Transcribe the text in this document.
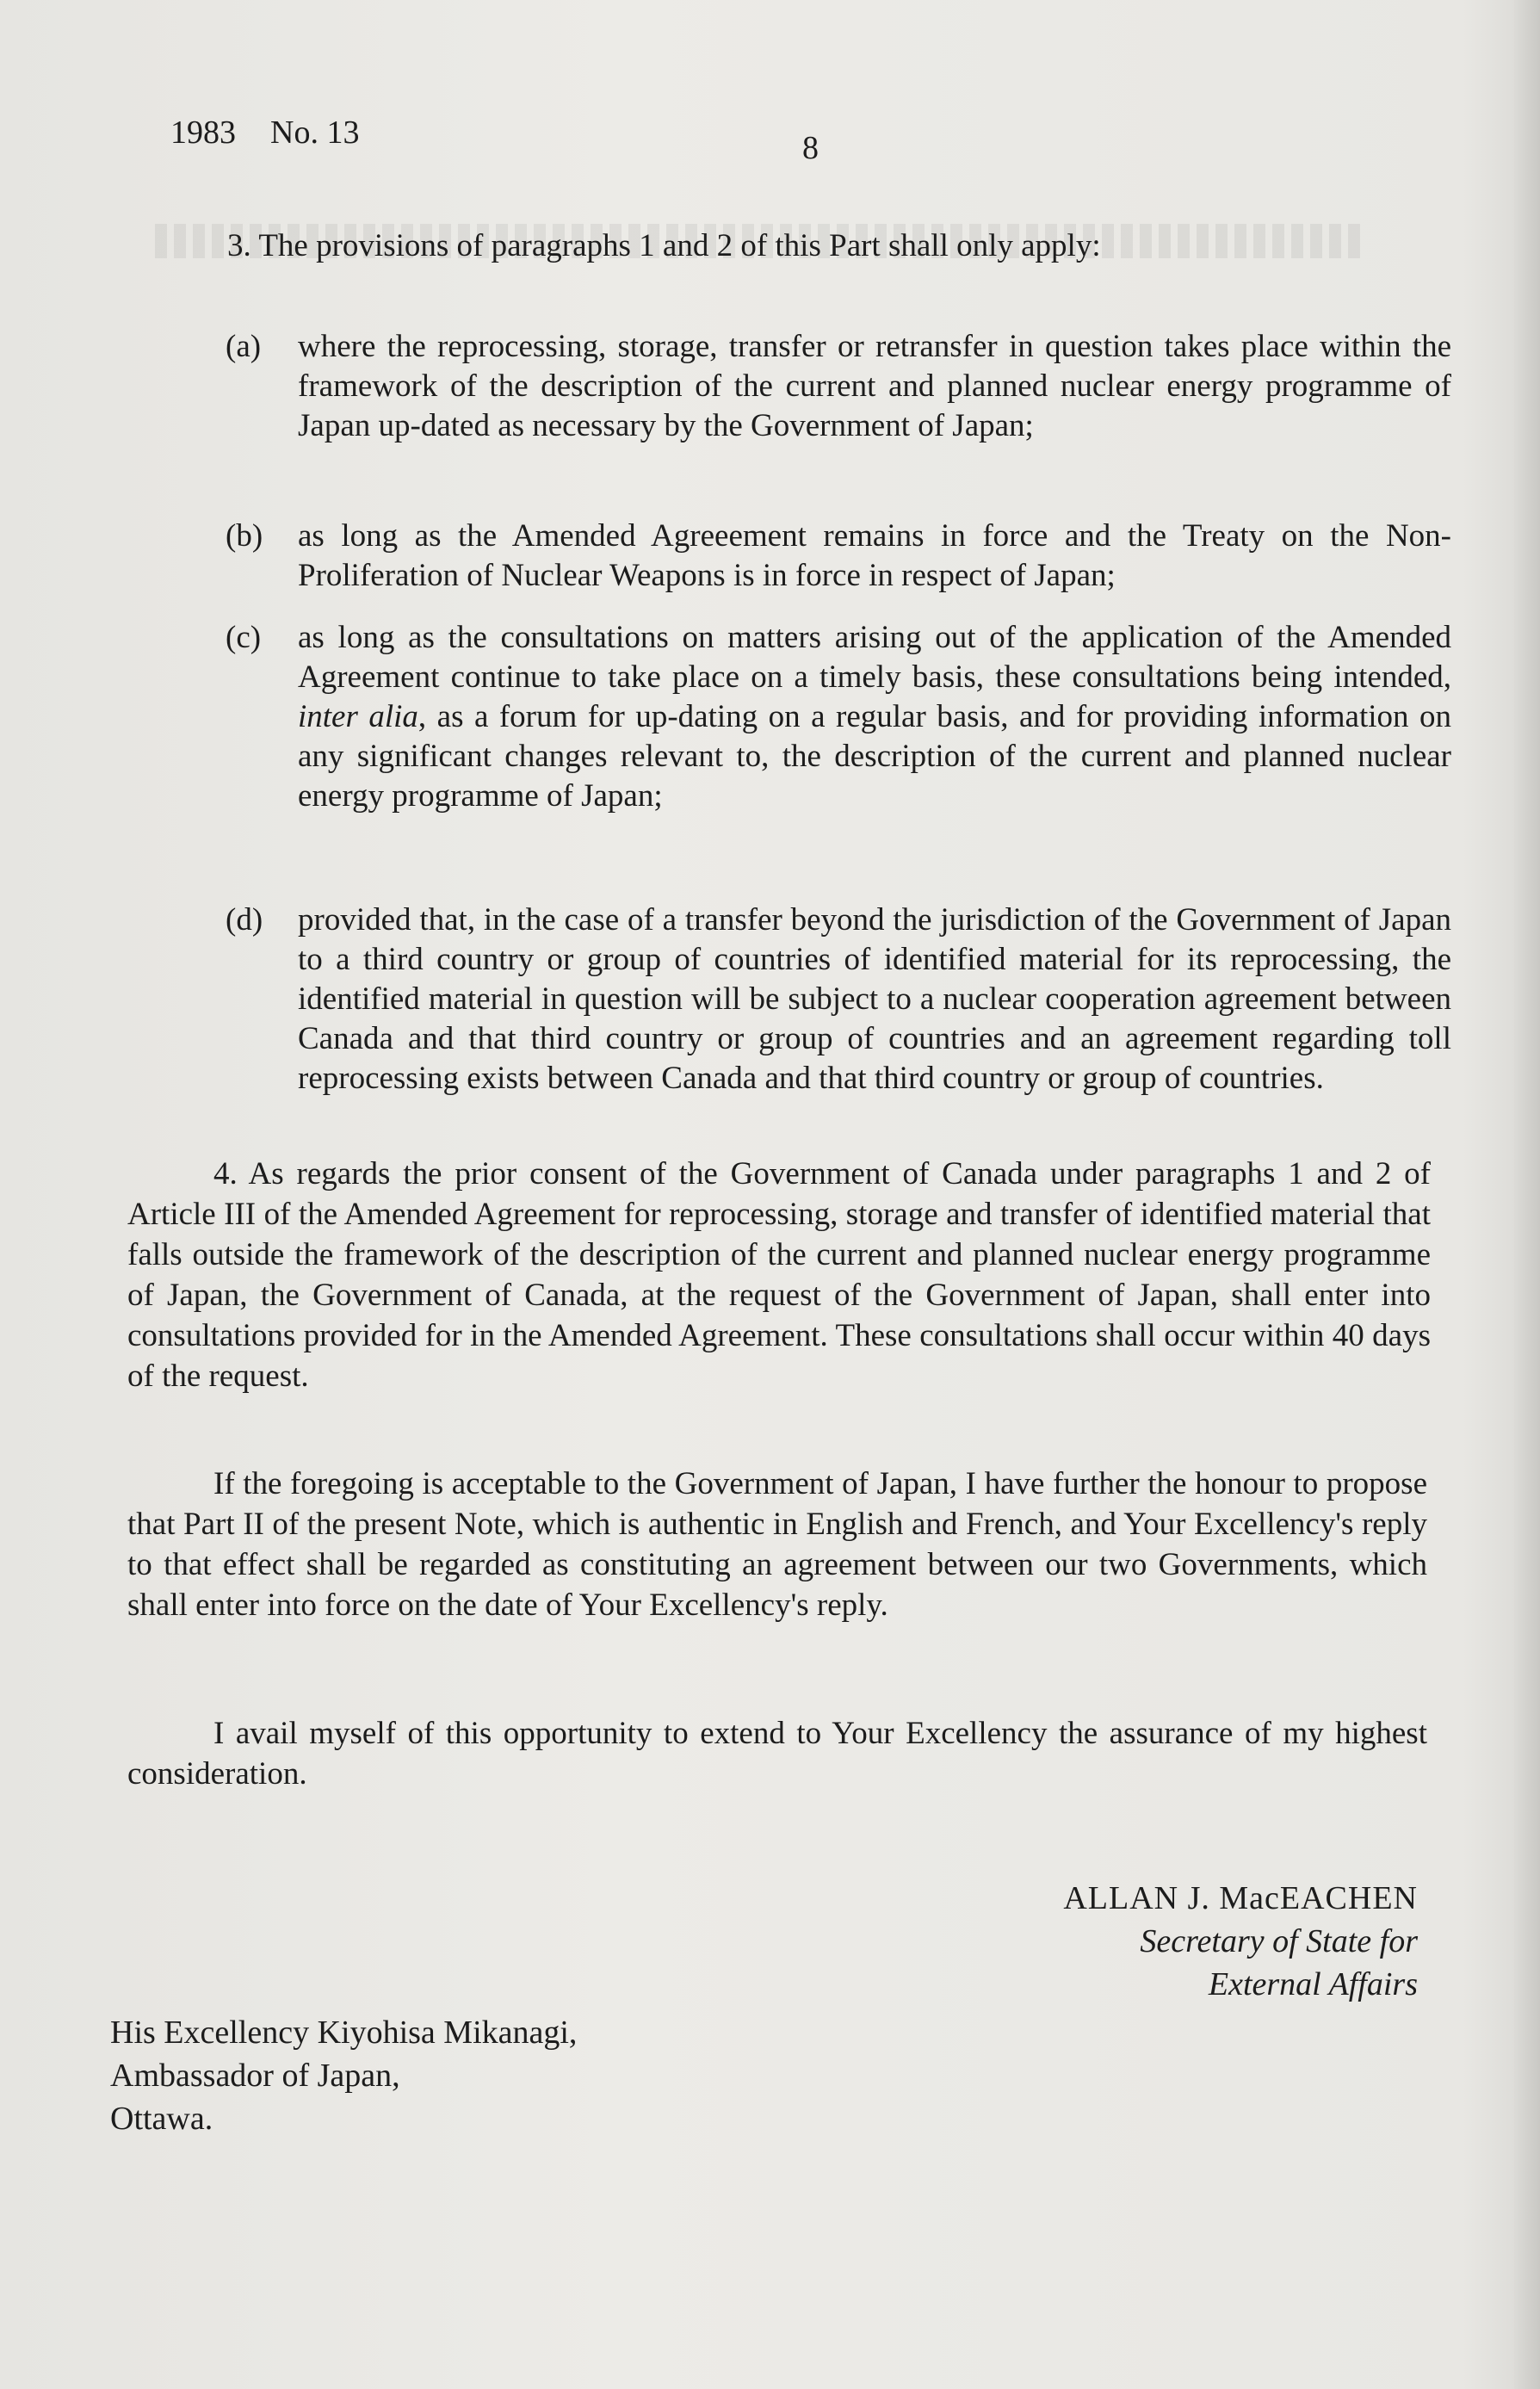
1983 No. 13	8

3. The provisions of paragraphs 1 and 2 of this Part shall only apply:

(a) where the reprocessing, storage, transfer or retransfer in question takes place within the framework of the description of the current and planned nuclear energy programme of Japan up-dated as necessary by the Government of Japan;
(b) as long as the Amended Agreeement remains in force and the Treaty on the Non-Proliferation of Nuclear Weapons is in force in respect of Japan;
(c) as long as the consultations on matters arising out of the application of the Amended Agreement continue to take place on a timely basis, these consultations being intended, inter alia, as a forum for up-dating on a regular basis, and for providing information on any significant changes relevant to, the description of the current and planned nuclear energy programme of Japan;
(d) provided that, in the case of a transfer beyond the jurisdiction of the Government of Japan to a third country or group of countries of identified material for its reprocessing, the identified material in question will be subject to a nuclear cooperation agreement between Canada and that third country or group of countries and an agreement regarding toll reprocessing exists between Canada and that third country or group of countries.

4. As regards the prior consent of the Government of Canada under paragraphs 1 and 2 of Article III of the Amended Agreement for reprocessing, storage and transfer of identified material that falls outside the framework of the description of the current and planned nuclear energy programme of Japan, the Government of Canada, at the request of the Government of Japan, shall enter into consultations provided for in the Amended Agreement. These consultations shall occur within 40 days of the request.

If the foregoing is acceptable to the Government of Japan, I have further the honour to propose that Part II of the present Note, which is authentic in English and French, and Your Excellency's reply to that effect shall be regarded as constituting an agreement between our two Governments, which shall enter into force on the date of Your Excellency's reply.

I avail myself of this opportunity to extend to Your Excellency the assurance of my highest consideration.

ALLAN J. MacEACHEN
Secretary of State for
External Affairs
His Excellency Kiyohisa Mikanagi,
Ambassador of Japan,
Ottawa.
